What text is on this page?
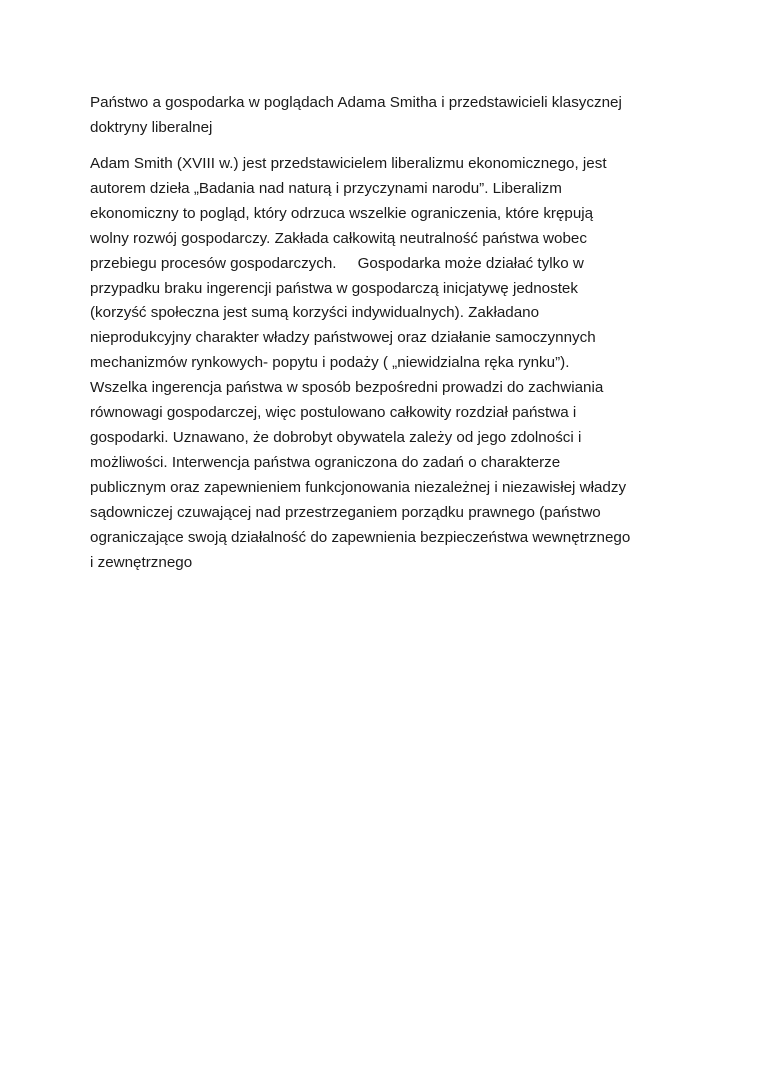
Państwo a gospodarka w poglądach Adama Smitha i przedstawicieli klasycznej
doktryny liberalnej
Adam Smith (XVIII w.) jest przedstawicielem liberalizmu ekonomicznego, jest
autorem dzieła „Badania nad naturą i przyczynami narodu”. Liberalizm
ekonomiczny to pogląd, który odrzuca wszelkie ograniczenia, które krępują
wolny rozwój gospodarczy. Zakłada całkowitą neutralność państwa wobec
przebiegu procesów gospodarczych.     Gospodarka może działać tylko w
przypadku braku ingerencji państwa w gospodarczą inicjatywę jednostek
(korzyść społeczna jest sumą korzyści indywidualnych). Zakładano
nieprodukcyjny charakter władzy państwowej oraz działanie samoczynnych
mechanizmów rynkowych- popytu i podaży ( „niewidzialna ręka rynku”).
Wszelka ingerencja państwa w sposób bezpośredni prowadzi do zachwiania
równowagi gospodarczej, więc postulowano całkowity rozdział państwa i
gospodarki. Uznawano, że dobrobyt obywatela zależy od jego zdolności i
możliwości. Interwencja państwa ograniczona do zadań o charakterze
publicznym oraz zapewnieniem funkcjonowania niezależnej i niezawisłej władzy
sądowniczej czuwającej nad przestrzeganiem porządku prawnego (państwo
ograniczające swoją działalność do zapewnienia bezpieczeństwa wewnętrznego
i zewnętrznego
